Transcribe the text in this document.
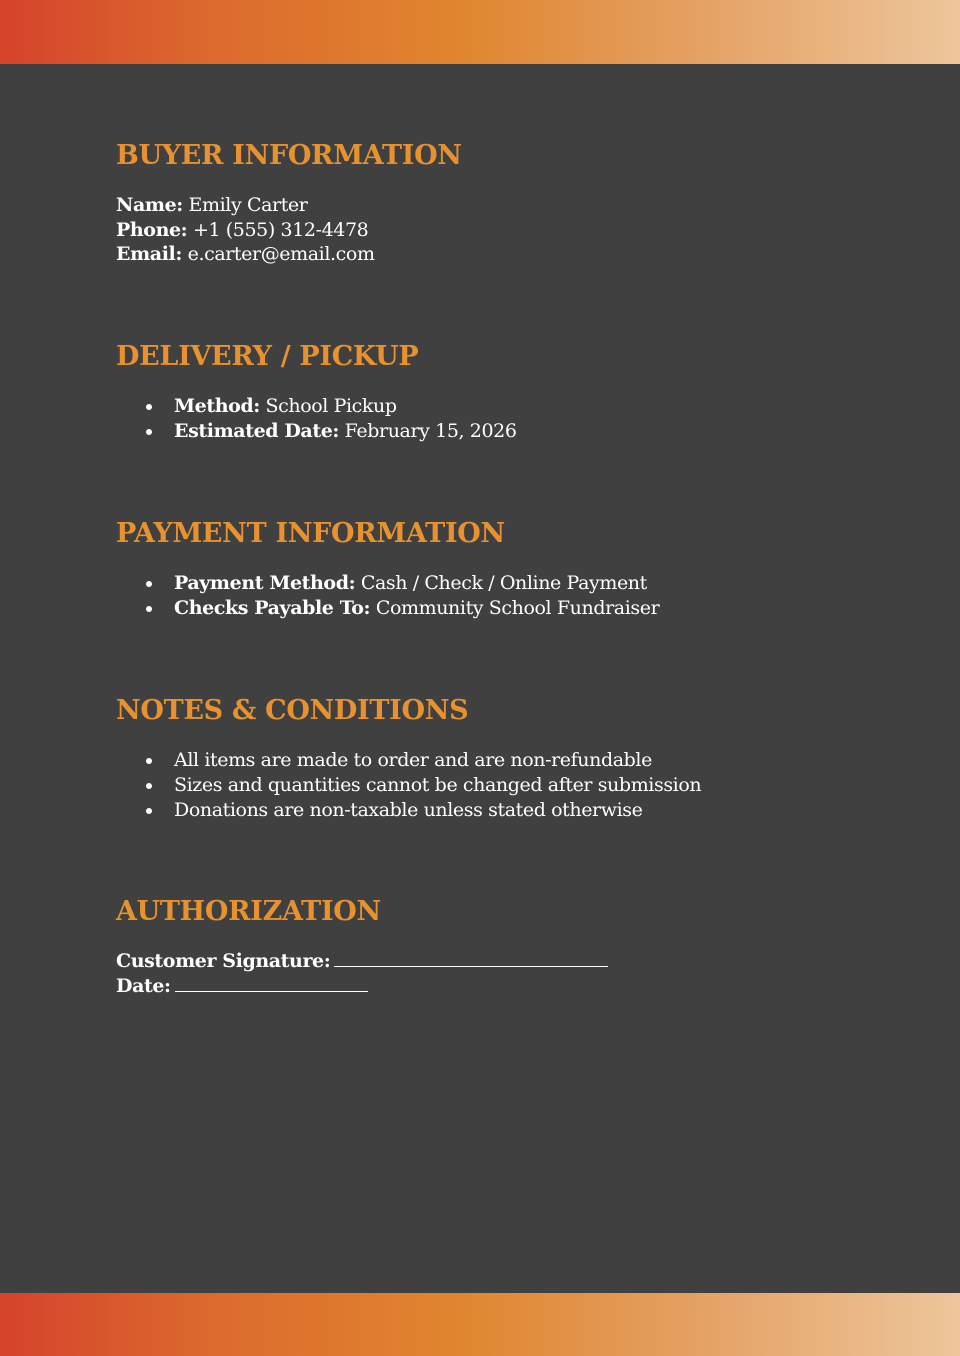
BUYER INFORMATION
Name: Emily Carter
Phone: +1 (555) 312-4478
Email: e.carter@email.com
DELIVERY / PICKUP
Method: School Pickup
Estimated Date: February 15, 2026
PAYMENT INFORMATION
Payment Method: Cash / Check / Online Payment
Checks Payable To: Community School Fundraiser
NOTES & CONDITIONS
All items are made to order and are non-refundable
Sizes and quantities cannot be changed after submission
Donations are non-taxable unless stated otherwise
AUTHORIZATION
Customer Signature:
Date:
